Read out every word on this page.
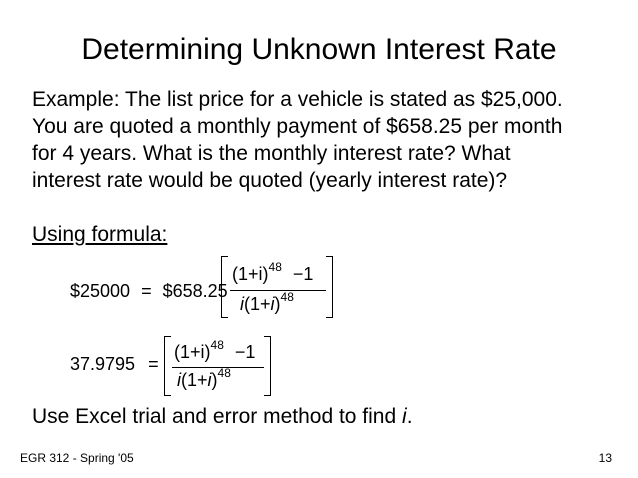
Determining Unknown Interest Rate
Example: The list price for a vehicle is stated as $25,000.
You are quoted a monthly payment of $658.25 per month
for 4 years. What is the monthly interest rate? What
interest rate would be quoted (yearly interest rate)?
Using formula:
$25000 = $658.25
$(1+i)^{48} -1$
$i(1+i)^{48}$
37.9795 =
$(1+i)^{48} -1$
$i(1+i)^{48}$
Use Excel trial and error method to find i.
EGR 312 - Spring '05	13
